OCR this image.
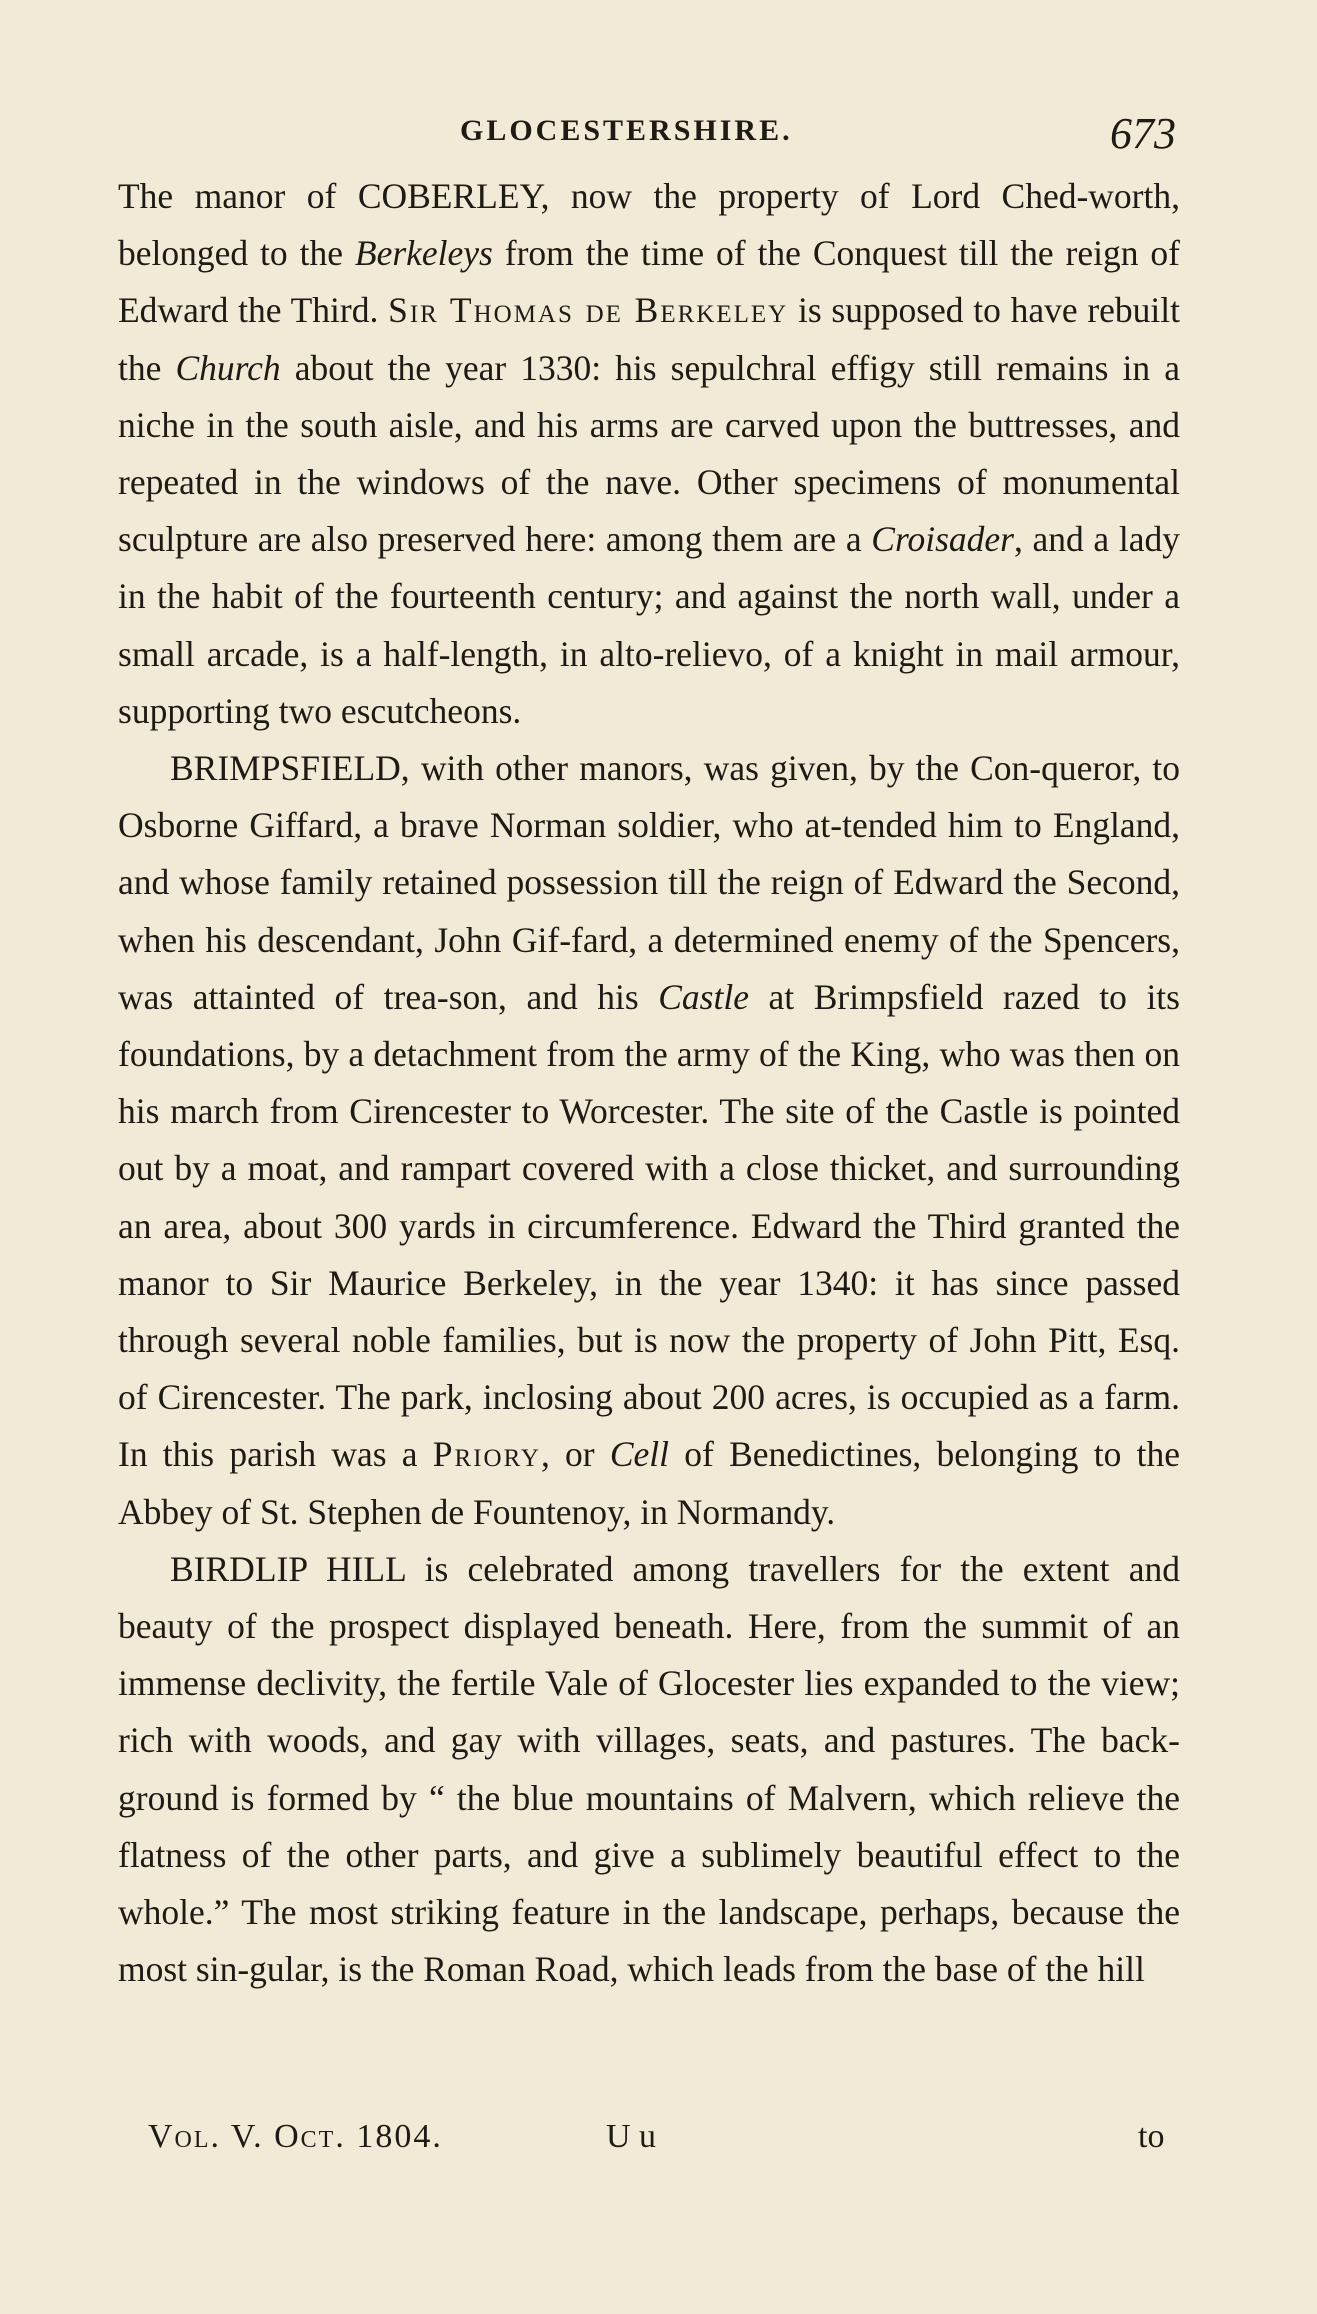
GLOCESTERSHIRE.	673

The manor of COBERLEY, now the property of Lord Ched-worth, belonged to the Berkeleys from the time of the Conquest till the reign of Edward the Third. Sir Thomas de Berkeley is supposed to have rebuilt the Church about the year 1330: his sepulchral effigy still remains in a niche in the south aisle, and his arms are carved upon the buttresses, and repeated in the windows of the nave. Other specimens of monumental sculpture are also preserved here: among them are a Croisader, and a lady in the habit of the fourteenth century; and against the north wall, under a small arcade, is a half-length, in alto-relievo, of a knight in mail armour, supporting two escutcheons.

BRIMPSFIELD, with other manors, was given, by the Con-queror, to Osborne Giffard, a brave Norman soldier, who at-tended him to England, and whose family retained possession till the reign of Edward the Second, when his descendant, John Gif-fard, a determined enemy of the Spencers, was attainted of trea-son, and his Castle at Brimpsfield razed to its foundations, by a detachment from the army of the King, who was then on his march from Cirencester to Worcester. The site of the Castle is pointed out by a moat, and rampart covered with a close thicket, and surrounding an area, about 300 yards in circumference. Edward the Third granted the manor to Sir Maurice Berkeley, in the year 1340: it has since passed through several noble families, but is now the property of John Pitt, Esq. of Cirencester. The park, inclosing about 200 acres, is occupied as a farm. In this parish was a Priory, or Cell of Benedictines, belonging to the Abbey of St. Stephen de Fountenoy, in Normandy.

BIRDLIP HILL is celebrated among travellers for the extent and beauty of the prospect displayed beneath. Here, from the summit of an immense declivity, the fertile Vale of Glocester lies expanded to the view; rich with woods, and gay with villages, seats, and pastures. The back-ground is formed by “ the blue mountains of Malvern, which relieve the flatness of the other parts, and give a sublimely beautiful effect to the whole.” The most striking feature in the landscape, perhaps, because the most sin-gular, is the Roman Road, which leads from the base of the hill

Vol. V. Oct. 1804.	U u	to
